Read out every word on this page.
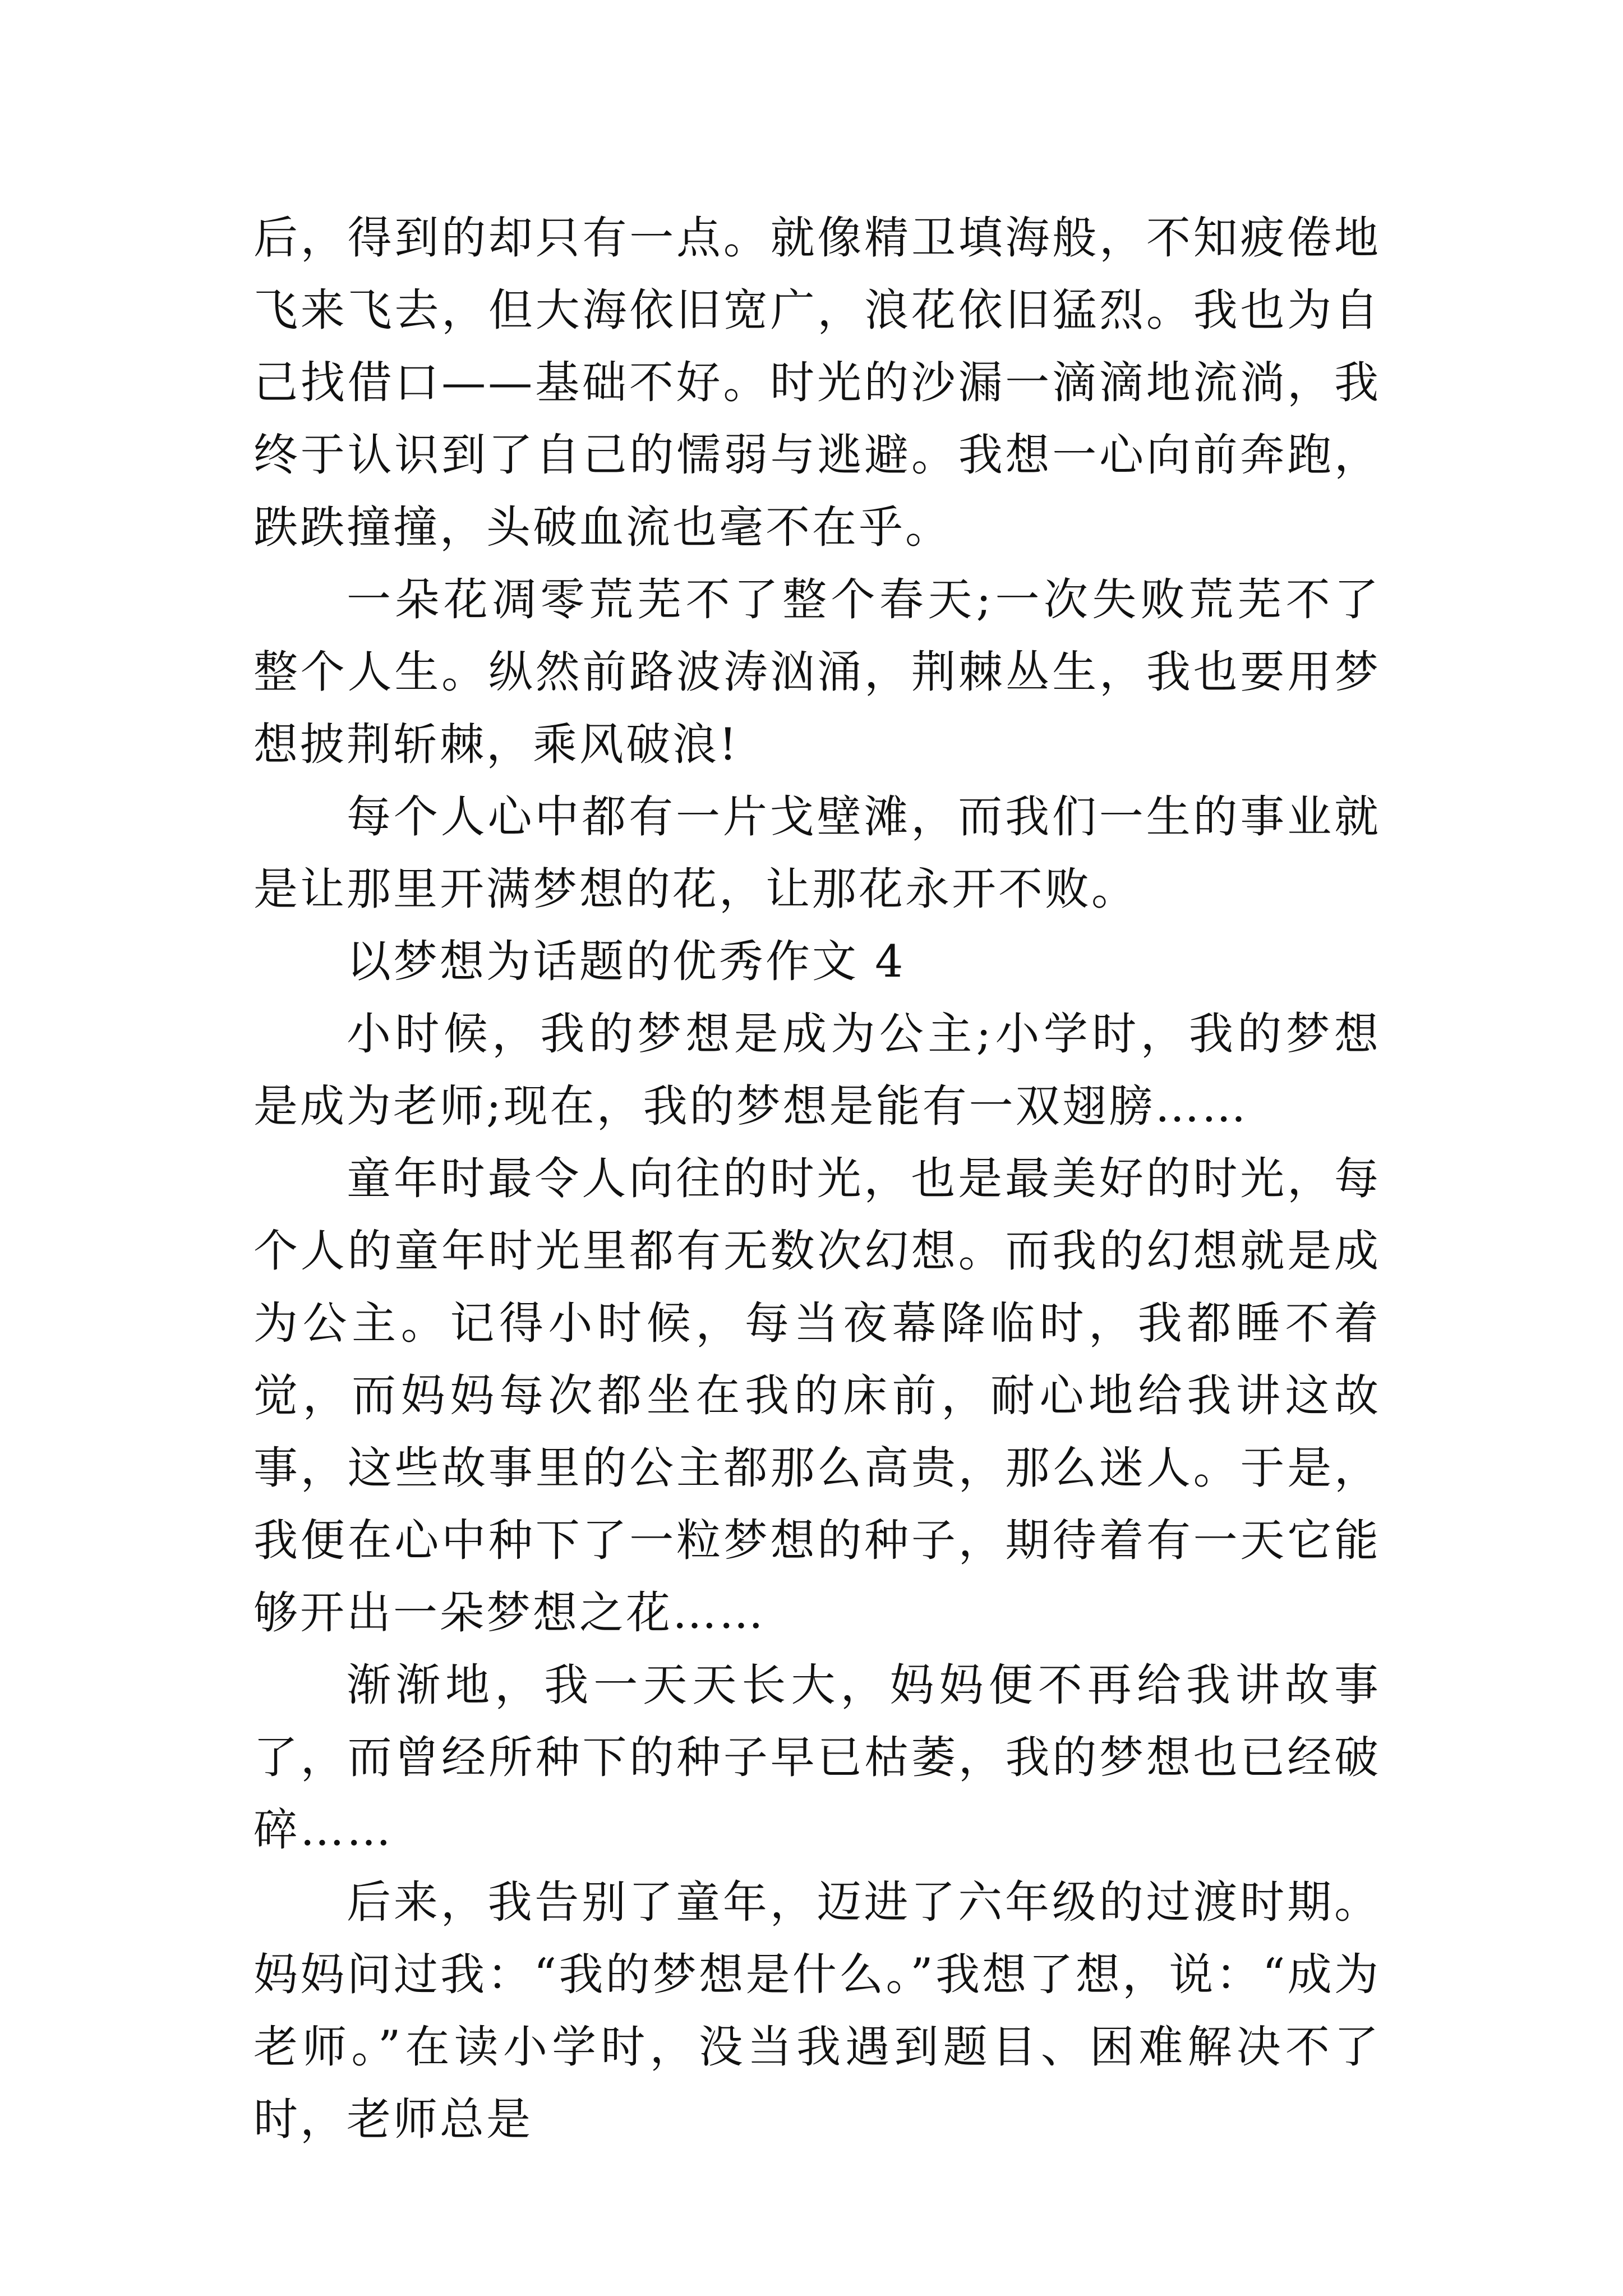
后，得到的却只有一点。就像精卫填海般，不知疲倦地飞来飞去，但大海依旧宽广，浪花依旧猛烈。我也为自己找借口——基础不好。时光的沙漏一滴滴地流淌，我终于认识到了自己的懦弱与逃避。我想一心向前奔跑，跌跌撞撞，头破血流也毫不在乎。

一朵花凋零荒芜不了整个春天;一次失败荒芜不了整个人生。纵然前路波涛汹涌，荆棘丛生，我也要用梦想披荆斩棘，乘风破浪!

每个人心中都有一片戈壁滩，而我们一生的事业就是让那里开满梦想的花，让那花永开不败。

以梦想为话题的优秀作文 4

小时候，我的梦想是成为公主;小学时，我的梦想是成为老师;现在，我的梦想是能有一双翅膀……

童年时最令人向往的时光，也是最美好的时光，每个人的童年时光里都有无数次幻想。而我的幻想就是成为公主。记得小时候，每当夜幕降临时，我都睡不着觉，而妈妈每次都坐在我的床前，耐心地给我讲这故事，这些故事里的公主都那么高贵，那么迷人。于是，我便在心中种下了一粒梦想的种子，期待着有一天它能够开出一朵梦想之花……

渐渐地，我一天天长大，妈妈便不再给我讲故事了，而曾经所种下的种子早已枯萎，我的梦想也已经破碎……

后来，我告别了童年，迈进了六年级的过渡时期。妈妈问过我：“我的梦想是什么。”我想了想，说：“成为老师。”在读小学时，没当我遇到题目、困难解决不了时，老师总是
